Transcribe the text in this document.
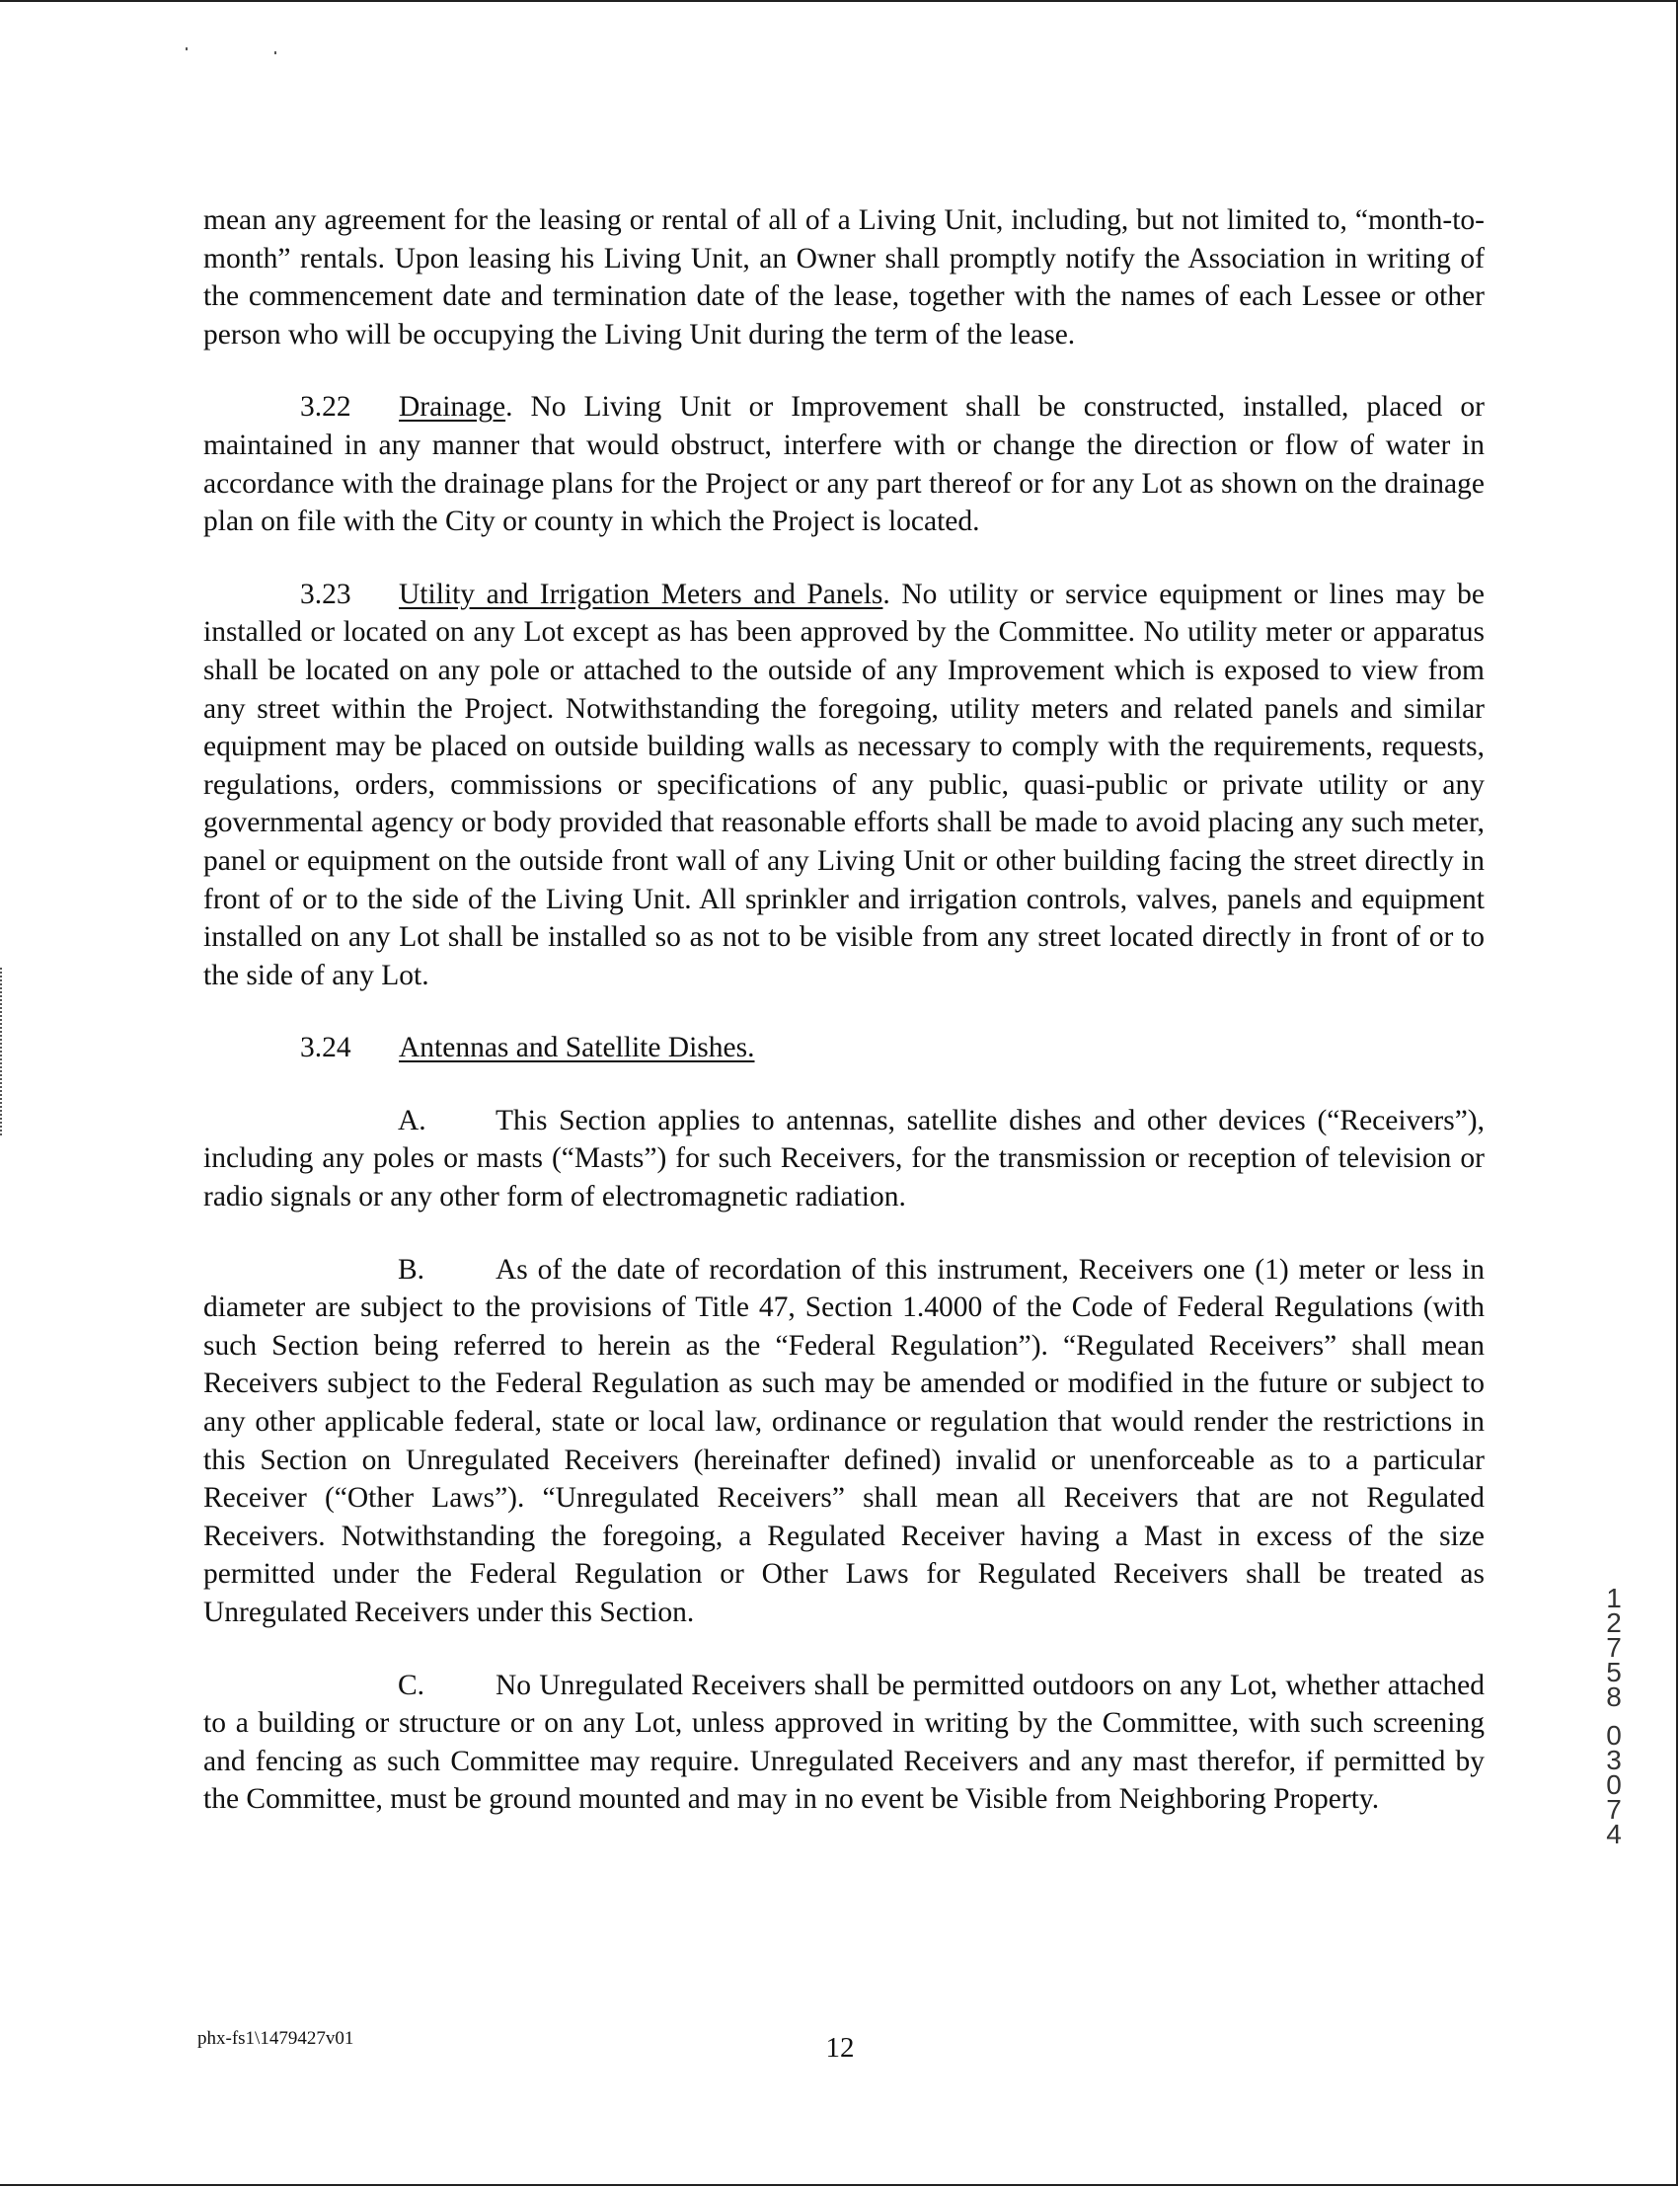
mean any agreement for the leasing or rental of all of a Living Unit, including, but not limited to, “month-to-month” rentals. Upon leasing his Living Unit, an Owner shall promptly notify the Association in writing of the commencement date and termination date of the lease, together with the names of each Lessee or other person who will be occupying the Living Unit during the term of the lease.

3.22 Drainage. No Living Unit or Improvement shall be constructed, installed, placed or maintained in any manner that would obstruct, interfere with or change the direction or flow of water in accordance with the drainage plans for the Project or any part thereof or for any Lot as shown on the drainage plan on file with the City or county in which the Project is located.

3.23 Utility and Irrigation Meters and Panels. No utility or service equipment or lines may be installed or located on any Lot except as has been approved by the Committee. No utility meter or apparatus shall be located on any pole or attached to the outside of any Improvement which is exposed to view from any street within the Project. Notwithstanding the foregoing, utility meters and related panels and similar equipment may be placed on outside building walls as necessary to comply with the requirements, requests, regulations, orders, commissions or specifications of any public, quasi-public or private utility or any governmental agency or body provided that reasonable efforts shall be made to avoid placing any such meter, panel or equipment on the outside front wall of any Living Unit or other building facing the street directly in front of or to the side of the Living Unit. All sprinkler and irrigation controls, valves, panels and equipment installed on any Lot shall be installed so as not to be visible from any street located directly in front of or to the side of any Lot.

3.24 Antennas and Satellite Dishes.

A. This Section applies to antennas, satellite dishes and other devices (“Receivers”), including any poles or masts (“Masts”) for such Receivers, for the transmission or reception of television or radio signals or any other form of electromagnetic radiation.

B. As of the date of recordation of this instrument, Receivers one (1) meter or less in diameter are subject to the provisions of Title 47, Section 1.4000 of the Code of Federal Regulations (with such Section being referred to herein as the “Federal Regulation”). “Regulated Receivers” shall mean Receivers subject to the Federal Regulation as such may be amended or modified in the future or subject to any other applicable federal, state or local law, ordinance or regulation that would render the restrictions in this Section on Unregulated Receivers (hereinafter defined) invalid or unenforceable as to a particular Receiver (“Other Laws”). “Unregulated Receivers” shall mean all Receivers that are not Regulated Receivers. Notwithstanding the foregoing, a Regulated Receiver having a Mast in excess of the size permitted under the Federal Regulation or Other Laws for Regulated Receivers shall be treated as Unregulated Receivers under this Section.

C. No Unregulated Receivers shall be permitted outdoors on any Lot, whether attached to a building or structure or on any Lot, unless approved in writing by the Committee, with such screening and fencing as such Committee may require. Unregulated Receivers and any mast therefor, if permitted by the Committee, must be ground mounted and may in no event be Visible from Neighboring Property.

phx-fs1\1479427v01	12
1
2
7
5
8
0
3
0
7
4
